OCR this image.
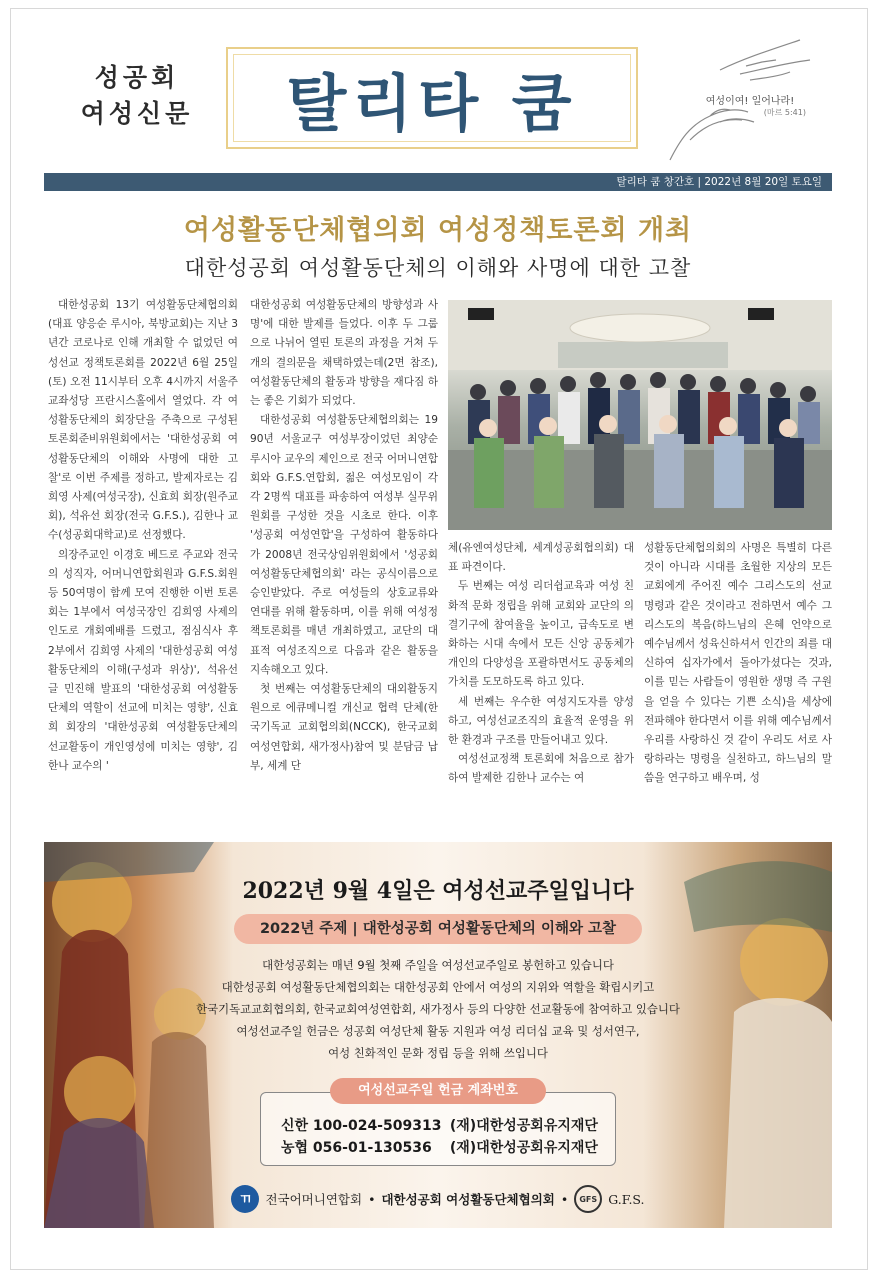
성공회
여성신문	탈리타 쿰	여성이여! 일어나라!
(마르 5:41)
탈리타 쿰 창간호 | 2022년 8월 20일 토요일
여성활동단체협의회 여성정책토론회 개최
대한성공회 여성활동단체의 이해와 사명에 대한 고찰

대한성공회 13기 여성활동단체협의회(대표 양응순 루시아, 북방교회)는 지난 3년간 코로나로 인해 개최할 수 없었던 여성선교 정책토론회를 2022년 6월 25일(토) 오전 11시부터 오후 4시까지 서울주교좌성당 프란시스홀에서 열었다. 각 여성활동단체의 회장단을 주축으로 구성된 토론회준비위원회에서는 '대한성공회 여성활동단체의 이해와 사명에 대한 고찰'로 이번 주제를 정하고, 발제자로는 김희영 사제(여성국장), 신효희 회장(원주교회), 석유선 회장(전국 G.F.S.), 김한나 교수(성공회대학교)로 선정했다.

의장주교인 이경호 베드로 주교와 전국의 성직자, 어머니연합회원과 G.F.S.회원 등 50여명이 함께 모여 진행한 이번 토론회는 1부에서 여성국장인 김희영 사제의 인도로 개회예배를 드렸고, 점심식사 후 2부에서 김희영 사제의 '대한성공회 여성활동단체의 이해(구성과 위상)', 석유선 글 민진해 발표의 '대한성공회 여성활동단체의 역할이 선교에 미치는 영향', 신효희 회장의 '대한성공회 여성활동단체의 선교활동이 개인영성에 미치는 영향', 김한나 교수의 '

대한성공회 여성활동단체의 방향성과 사명'에 대한 발제를 들었다. 이후 두 그룹으로 나뉘어 열띤 토론의 과정을 거쳐 두 개의 결의문을 채택하였는데(2면 참조), 여성활동단체의 활동과 방향을 재다짐 하는 좋은 기회가 되었다.

대한성공회 여성활동단체협의회는 1990년 서울교구 여성부장이었던 최양순 루시아 교우의 제인으로 전국 어머니연합회와 G.F.S.연합회, 젊은 여성모임이 각각 2명씩 대표를 파송하여 여성부 실무위원회를 구성한 것을 시초로 한다. 이후 '성공회 여성연합'을 구성하여 활동하다가 2008년 전국상임위원회에서 '성공회 여성활동단체협의회' 라는 공식이름으로 승인받았다. 주로 여성들의 상호교류와 연대를 위해 활동하며, 이를 위해 여성정책토론회를 매년 개최하였고, 교단의 대표적 여성조직으로 다음과 같은 활동을 지속해오고 있다.

첫 번째는 여성활동단체의 대외활동지원으로 에큐메니컬 개신교 협력 단체(한국기독교 교회협의회(NCCK), 한국교회여성연합회, 새가정사)참여 및 분담금 납부, 세계 단

체(유엔여성단체, 세계성공회협의회) 대표 파견이다.

두 번째는 여성 리더쉽교육과 여성 친화적 문화 정립을 위해 교회와 교단의 의결기구에 참여율을 높이고, 급속도로 변화하는 시대 속에서 모든 신앙 공동체가 개인의 다양성을 포괄하면서도 공동체의 가치를 도모하도록 하고 있다.

세 번째는 우수한 여성지도자를 양성하고, 여성선교조직의 효율적 운영을 위한 환경과 구조를 만들어내고 있다.

여성선교정책 토론회에 처음으로 참가하여 발제한 김한나 교수는 여

성활동단체협의회의 사명은 특별히 다른 것이 아니라 시대를 초월한 지상의 모든 교회에게 주어진 예수 그리스도의 선교 명령과 같은 것이라고 전하면서 예수 그리스도의 복음(하느님의 은혜 언약으로 예수님께서 성육신하셔서 인간의 죄를 대신하여 십자가에서 돌아가셨다는 것과, 이를 믿는 사람들이 영원한 생명 즉 구원을 얻을 수 있다는 기쁜 소식)을 세상에 전파해야 한다면서 이를 위해 예수님께서 우리를 사랑하신 것 같이 우리도 서로 사랑하라는 명령을 실천하고, 하느님의 말씀을 연구하고 배우며, 성

2022년 9월 4일은 여성선교주일입니다
2022년 주제 | 대한성공회 여성활동단체의 이해와 고찰
대한성공회는 매년 9월 첫째 주일을 여성선교주일로 봉헌하고 있습니다
대한성공회 여성활동단체협의회는 대한성공회 안에서 여성의 지위와 역할을 확립시키고
한국기독교교회협의회, 한국교회여성연합회, 새가정사 등의 다양한 선교활동에 참여하고 있습니다
여성선교주일 헌금은 성공회 여성단체 활동 지원과 여성 리더십 교육 및 성서연구,
여성 친화적인 문화 정립 등을 위해 쓰입니다
여성선교주일 헌금 계좌번호
신한 100-024-509313 (재)대한성공회유지재단
농협 056-01-130536 (재)대한성공회유지재단
ㄲ	전국어머니연합회 • 대한성공회 여성활동단체협의회 •	GFS G.F.S.
